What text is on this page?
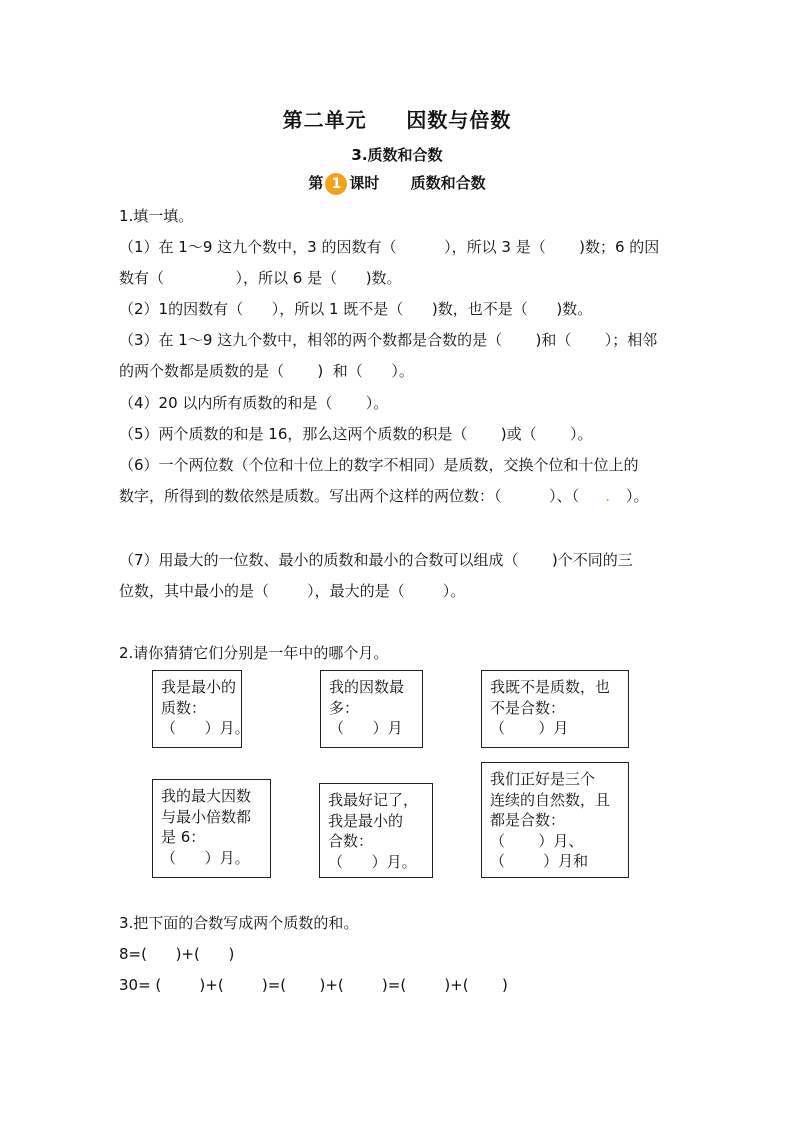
第二单元     因数与倍数
3.质数和合数
第 1 课时      质数和合数
1.填一填。
（1）在 1～9 这九个数中，3 的因数有（          ），所以 3 是（       )数；6 的因
数有（               ），所以 6 是（      )数。
（2）1的因数有（      ），所以 1 既不是（      )数，也不是（      )数。
（3）在 1～9 这九个数中，相邻的两个数都是合数的是（       )和（       ）；相邻
的两个数都是质数的是（       )  和（      ）。
（4）20 以内所有质数的和是（       ）。
（5）两个质数的和是 16，那么这两个质数的积是（       )或（       ）。
（6）一个两位数（个位和十位上的数字不相同）是质数，交换个位和十位上的
数字，所得到的数依然是质数。写出两个这样的两位数：（          ）、（ . ）。
（7）用最大的一位数、最小的质数和最小的合数可以组成（       )个不同的三
位数，其中最小的是（        ），最大的是（        ）。
2.请你猜猜它们分别是一年中的哪个月。
我是最小的
质数：
（      ）月。
我的因数最
多：
（      ）月
我既不是质数，也
不是合数：
（       ）月
我的最大因数
与最小倍数都
是 6：
（      ）月。
我最好记了，
我是最小的
合数：
（      ）月。
我们正好是三个
连续的自然数，且
都是合数：
（       ）月、
（        ）月和
3.把下面的合数写成两个质数的和。
8=(      )+(      )
30= (        )+(        )=(       )+(        )=(        )+(       )
